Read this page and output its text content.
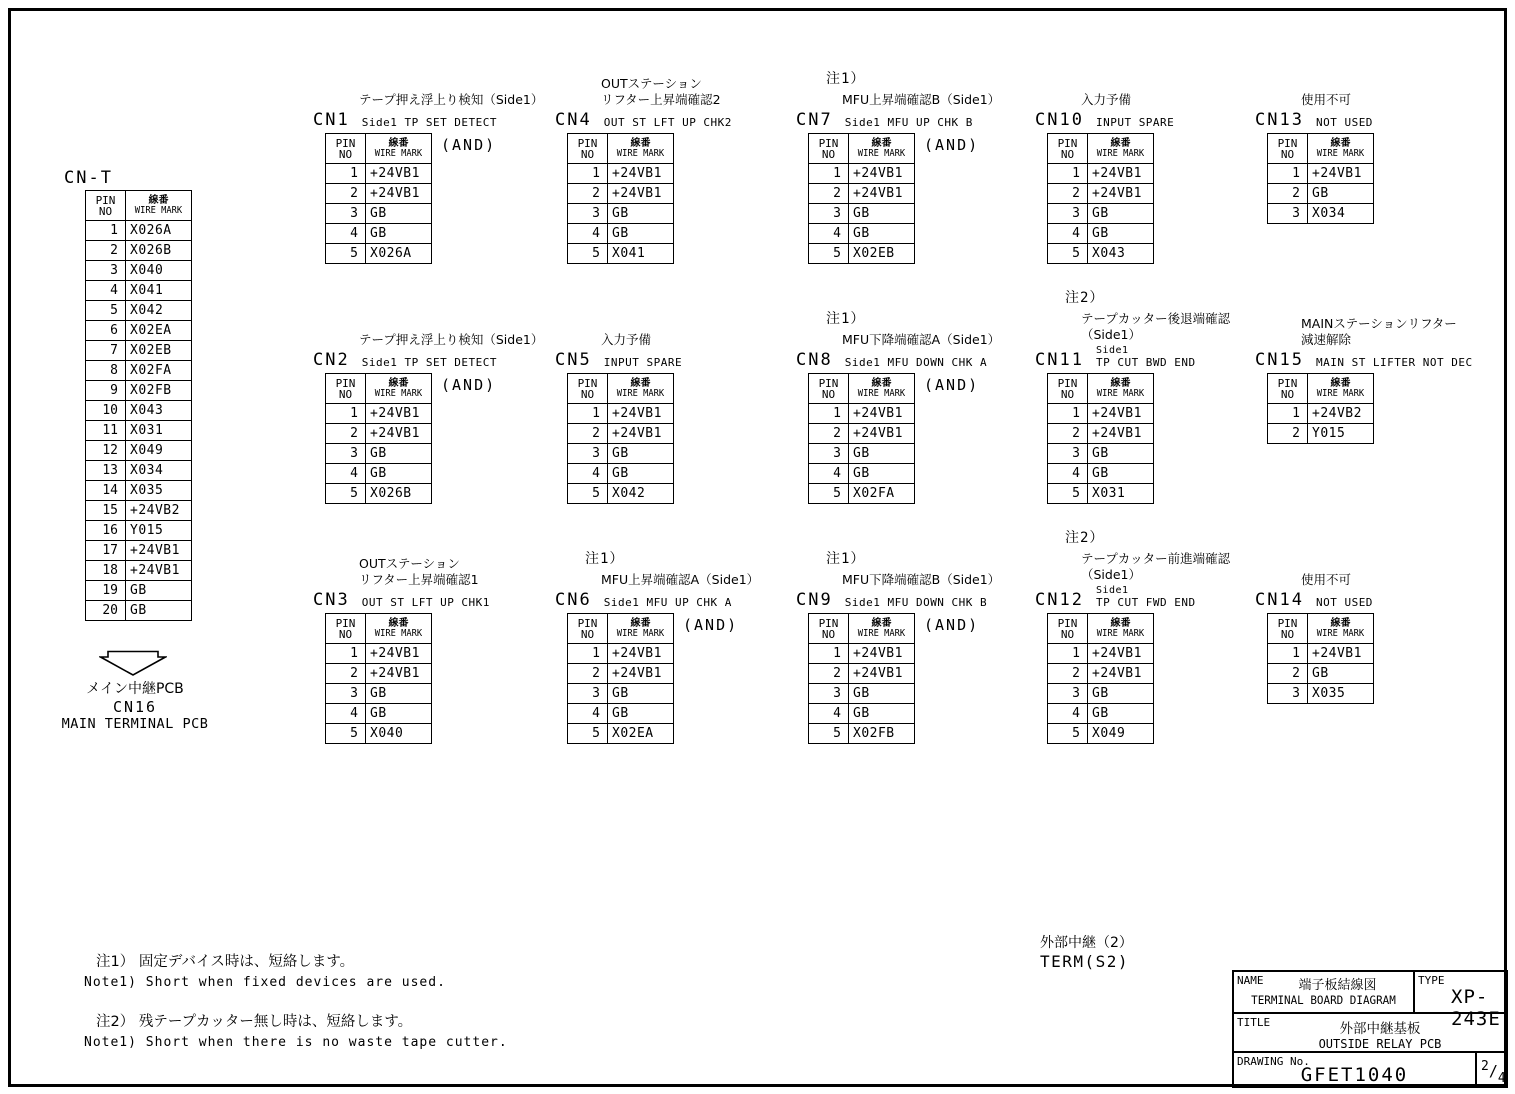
CN-T
PIN
NO

線番
WIRE MARK

1	X026A
2	X026B
3	X040
4	X041
5	X042
6	X02EA
7	X02EB
8	X02FA
9	X02FB
10	X043
11	X031
12	X049
13	X034
14	X035
15	+24VB2
16	Y015
17	+24VB1
18	+24VB1
19	GB
20	GB
メイン中継PCB
CN16
MAIN TERMINAL PCB
テープ押え浮上り検知（Side1）
CN1 Side1 TP SET DETECT
PIN
NO

線番
WIRE MARK

1	+24VB1
2	+24VB1
3	GB
4	GB
5	X026A
(AND)
テープ押え浮上り検知（Side1）
CN2 Side1 TP SET DETECT
PIN
NO

線番
WIRE MARK

1	+24VB1
2	+24VB1
3	GB
4	GB
5	X026B
(AND)
OUTステーション
リフター上昇端確認1
CN3 OUT ST LFT UP CHK1
PIN
NO

線番
WIRE MARK

1	+24VB1
2	+24VB1
3	GB
4	GB
5	X040
OUTステーション
リフター上昇端確認2
CN4 OUT ST LFT UP CHK2
PIN
NO

線番
WIRE MARK

1	+24VB1
2	+24VB1
3	GB
4	GB
5	X041
入力予備
CN5 INPUT SPARE
PIN
NO

線番
WIRE MARK

1	+24VB1
2	+24VB1
3	GB
4	GB
5	X042
注1）
MFU上昇端確認A（Side1）
CN6 Side1 MFU UP CHK A
PIN
NO

線番
WIRE MARK

1	+24VB1
2	+24VB1
3	GB
4	GB
5	X02EA
(AND)
注1）
MFU上昇端確認B（Side1）
CN7 Side1 MFU UP CHK B
PIN
NO

線番
WIRE MARK

1	+24VB1
2	+24VB1
3	GB
4	GB
5	X02EB
(AND)
注1）
MFU下降端確認A（Side1）
CN8 Side1 MFU DOWN CHK A
PIN
NO

線番
WIRE MARK

1	+24VB1
2	+24VB1
3	GB
4	GB
5	X02FA
(AND)
注1）
MFU下降端確認B（Side1）
CN9 Side1 MFU DOWN CHK B
PIN
NO

線番
WIRE MARK

1	+24VB1
2	+24VB1
3	GB
4	GB
5	X02FB
(AND)
入力予備
CN10 INPUT SPARE
PIN
NO

線番
WIRE MARK

1	+24VB1
2	+24VB1
3	GB
4	GB
5	X043
注2）
テープカッター後退端確認
（Side1）
CN11 Side1
TP CUT BWD END
PIN
NO

線番
WIRE MARK

1	+24VB1
2	+24VB1
3	GB
4	GB
5	X031
注2）
テープカッター前進端確認
（Side1）
CN12 Side1
TP CUT FWD END
PIN
NO

線番
WIRE MARK

1	+24VB1
2	+24VB1
3	GB
4	GB
5	X049
使用不可
CN13 NOT USED
PIN
NO

線番
WIRE MARK

1	+24VB1
2	GB
3	X034
使用不可
CN14 NOT USED
PIN
NO

線番
WIRE MARK

1	+24VB1
2	GB
3	X035
MAINステーションリフター
減速解除
CN15 MAIN ST LIFTER NOT DEC
PIN
NO

線番
WIRE MARK

1	+24VB2
2	Y015
注1） 固定デバイス時は、短絡します。
Note1) Short when fixed devices are used.
注2） 残テープカッター無し時は、短絡します。
Note1) Short when there is no waste tape cutter.
外部中継（2）
TERM(S2)
NAME	端子板結線図
TERMINAL BOARD DIAGRAM
TYPE
XP-243E
TITLE	外部中継基板
OUTSIDE RELAY PCB
DRAWING No.
GFET1040	$^2/_4$
